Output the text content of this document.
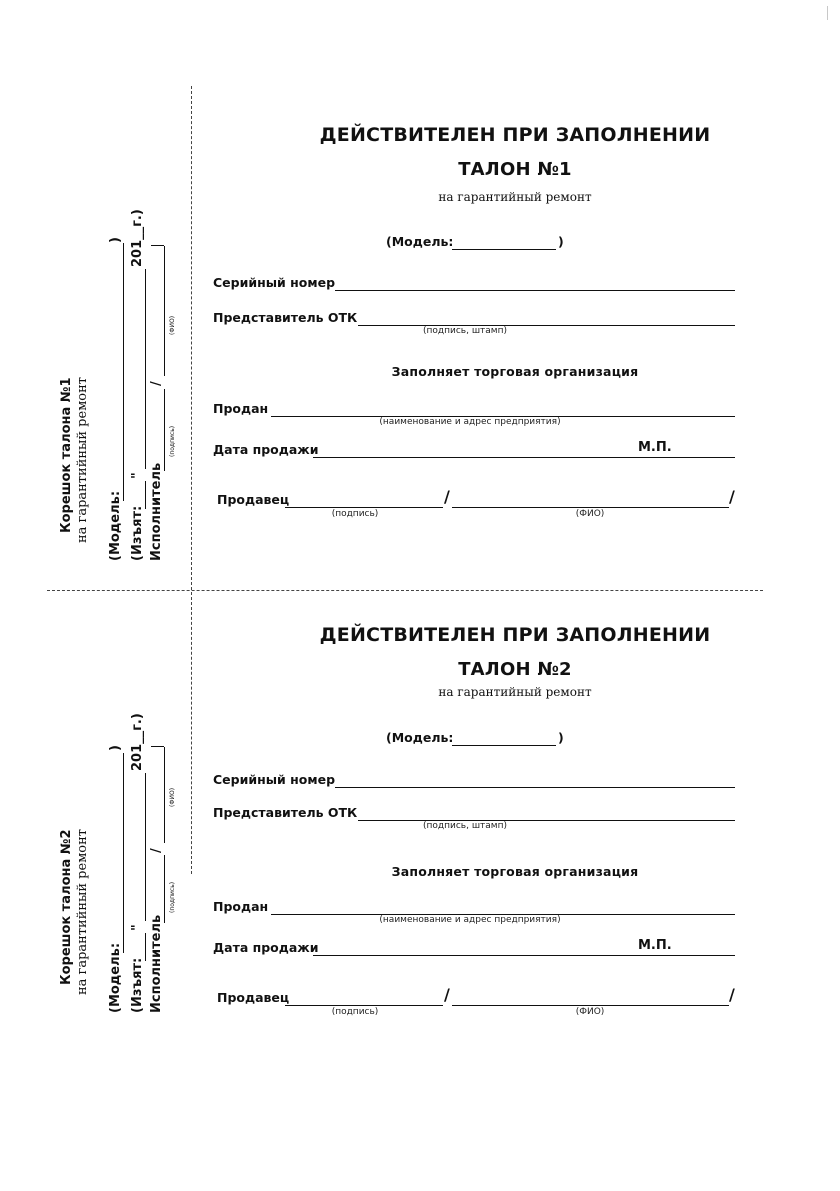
Корешок талона №1 на гарантийный ремонт (Модель:
)
(Изъят:
"
201__г.)
Исполнитель
/
(подпись)
(ФИО)
ДЕЙСТВИТЕЛЕН ПРИ ЗАПОЛНЕНИИ
ТАЛОН №1
на гарантийный ремонт
(Модель:	)
Серийный номер
Представитель ОТК
(подпись, штамп)
Заполняет торговая организация
Продан
(наименование и адрес предприятия)
Дата продажи	М.П.
Продавец	/	/
(подпись)	(ФИО)
Корешок талона №2 на гарантийный ремонт (Модель:
)
(Изъят:
"
201__г.)
Исполнитель
/
(подпись)
(ФИО)
ДЕЙСТВИТЕЛЕН ПРИ ЗАПОЛНЕНИИ
ТАЛОН №2
на гарантийный ремонт
(Модель:	)
Серийный номер
Представитель ОТК
(подпись, штамп)
Заполняет торговая организация
Продан
(наименование и адрес предприятия)
Дата продажи	М.П.
Продавец	/	/
(подпись)	(ФИО)
